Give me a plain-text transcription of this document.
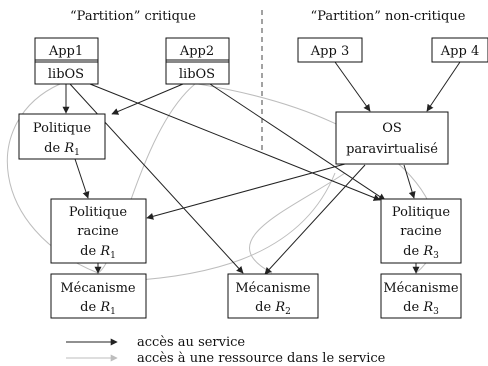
“Partition” critique	“Partition” non-critique
App1
libOS
App2
libOS
App 3	App 4
Politique
de $R_1$
OS
paravirtualisé
Politique
racine
de $R_1$
Politique
racine
de $R_3$
Mécanisme
de $R_1$
Mécanisme
de $R_2$
Mécanisme
de $R_3$
accès au service
accès à une ressource dans le service
